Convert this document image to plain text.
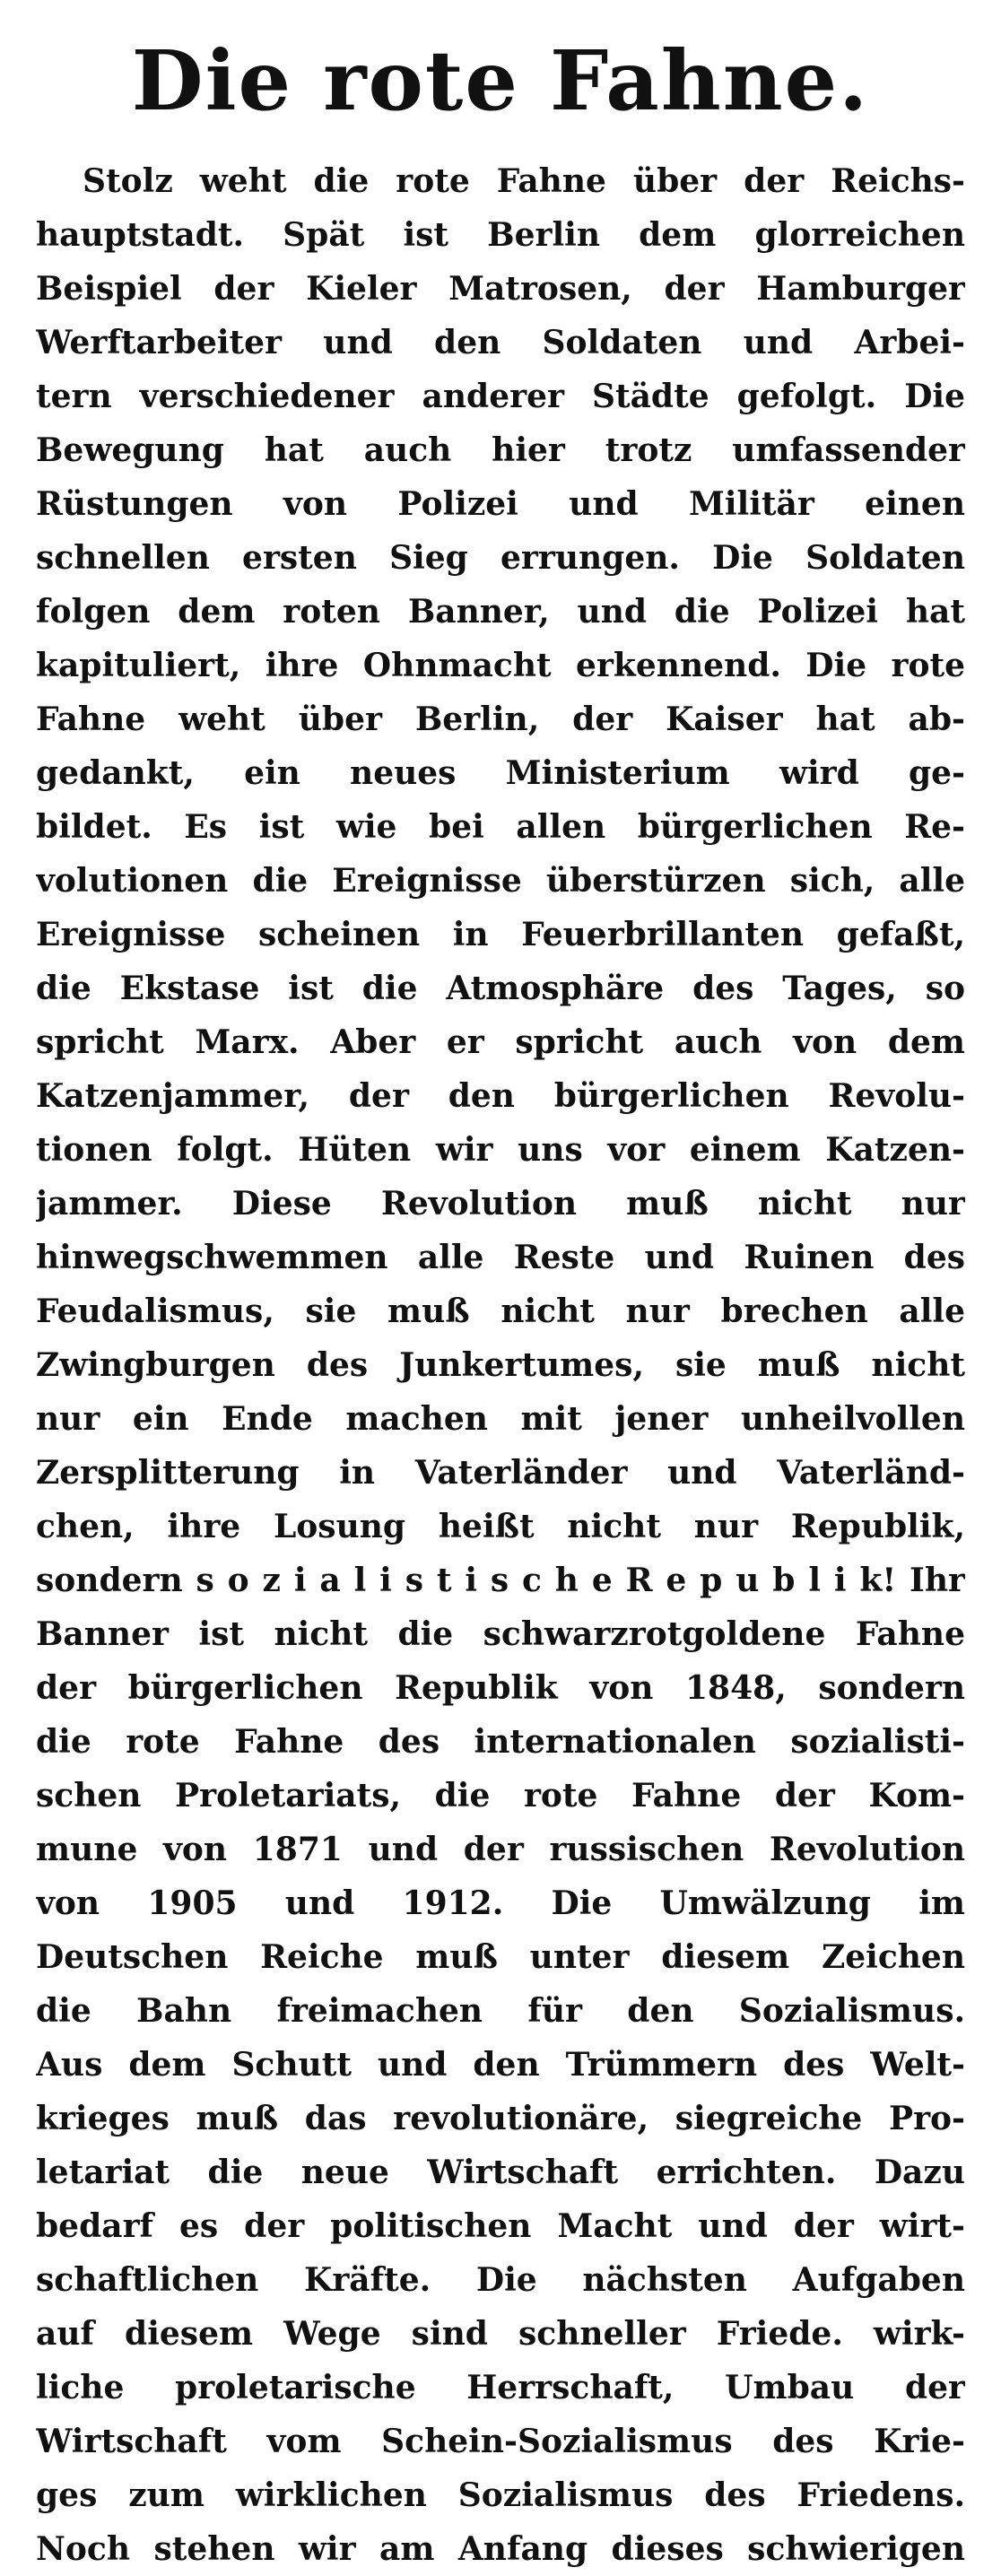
Die rote Fahne.
Stolz weht die rote Fahne über der Reichs-
hauptstadt. Spät ist Berlin dem glorreichen
Beispiel der Kieler Matrosen, der Hamburger
Werftarbeiter und den Soldaten und Arbei-
tern verschiedener anderer Städte gefolgt. Die
Bewegung hat auch hier trotz umfassender
Rüstungen von Polizei und Militär einen
schnellen ersten Sieg errungen. Die Soldaten
folgen dem roten Banner, und die Polizei hat
kapituliert, ihre Ohnmacht erkennend. Die rote
Fahne weht über Berlin, der Kaiser hat ab-
gedankt, ein neues Ministerium wird ge-
bildet. Es ist wie bei allen bürgerlichen Re-
volutionen die Ereignisse überstürzen sich, alle
Ereignisse scheinen in Feuerbrillanten gefaßt,
die Ekstase ist die Atmosphäre des Tages, so
spricht Marx. Aber er spricht auch von dem
Katzenjammer, der den bürgerlichen Revolu-
tionen folgt. Hüten wir uns vor einem Katzen-
jammer. Diese Revolution muß nicht nur
hinwegschwemmen alle Reste und Ruinen des
Feudalismus, sie muß nicht nur brechen alle
Zwingburgen des Junkertumes, sie muß nicht
nur ein Ende machen mit jener unheilvollen
Zersplitterung in Vaterländer und Vaterländ-
chen, ihre Losung heißt nicht nur Republik,
sondern s o z i a l i s t i s c h e R e p u b l i k! Ihr
Banner ist nicht die schwarzrotgoldene Fahne
der bürgerlichen Republik von 1848, sondern
die rote Fahne des internationalen sozialisti-
schen Proletariats, die rote Fahne der Kom-
mune von 1871 und der russischen Revolution
von 1905 und 1912. Die Umwälzung im
Deutschen Reiche muß unter diesem Zeichen
die Bahn freimachen für den Sozialismus.
Aus dem Schutt und den Trümmern des Welt-
krieges muß das revolutionäre, siegreiche Pro-
letariat die neue Wirtschaft errichten. Dazu
bedarf es der politischen Macht und der wirt-
schaftlichen Kräfte. Die nächsten Aufgaben
auf diesem Wege sind schneller Friede. wirk-
liche proletarische Herrschaft, Umbau der
Wirtschaft vom Schein-Sozialismus des Krie-
ges zum wirklichen Sozialismus des Friedens.
Noch stehen wir am Anfang dieses schwierigen
